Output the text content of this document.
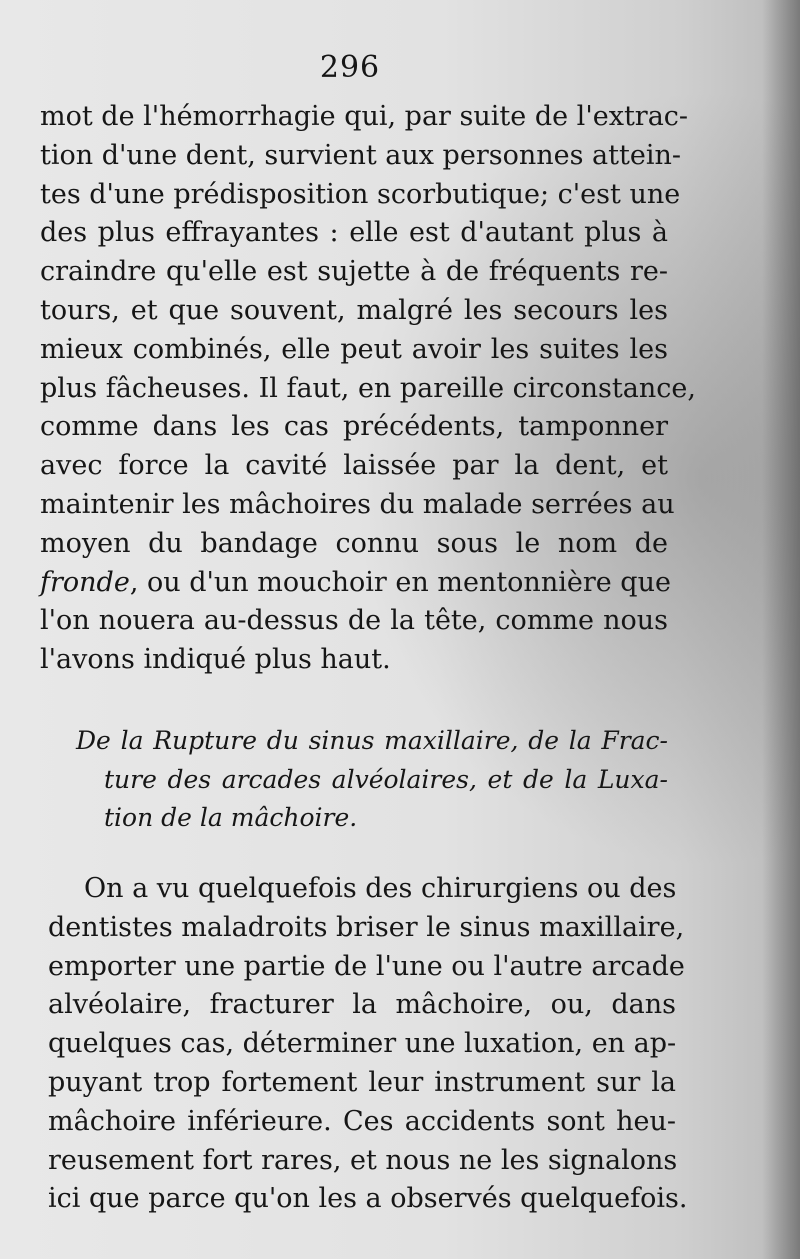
296
mot de l'hémorrhagie qui, par suite de l'extrac-
tion d'une dent, survient aux personnes attein-
tes d'une prédisposition scorbutique; c'est une
des plus effrayantes : elle est d'autant plus à
craindre qu'elle est sujette à de fréquents re-
tours, et que souvent, malgré les secours les
mieux combinés, elle peut avoir les suites les
plus fâcheuses. Il faut, en pareille circonstance,
comme dans les cas précédents, tamponner
avec force la cavité laissée par la dent, et
maintenir les mâchoires du malade serrées au
moyen du bandage connu sous le nom de
fronde, ou d'un mouchoir en mentonnière que
l'on nouera au-dessus de la tête, comme nous
l'avons indiqué plus haut.
De la Rupture du sinus maxillaire, de la Frac-
ture des arcades alvéolaires, et de la Luxa-
tion de la mâchoire.
On a vu quelquefois des chirurgiens ou des
dentistes maladroits briser le sinus maxillaire,
emporter une partie de l'une ou l'autre arcade
alvéolaire, fracturer la mâchoire, ou, dans
quelques cas, déterminer une luxation, en ap-
puyant trop fortement leur instrument sur la
mâchoire inférieure. Ces accidents sont heu-
reusement fort rares, et nous ne les signalons
ici que parce qu'on les a observés quelquefois.
